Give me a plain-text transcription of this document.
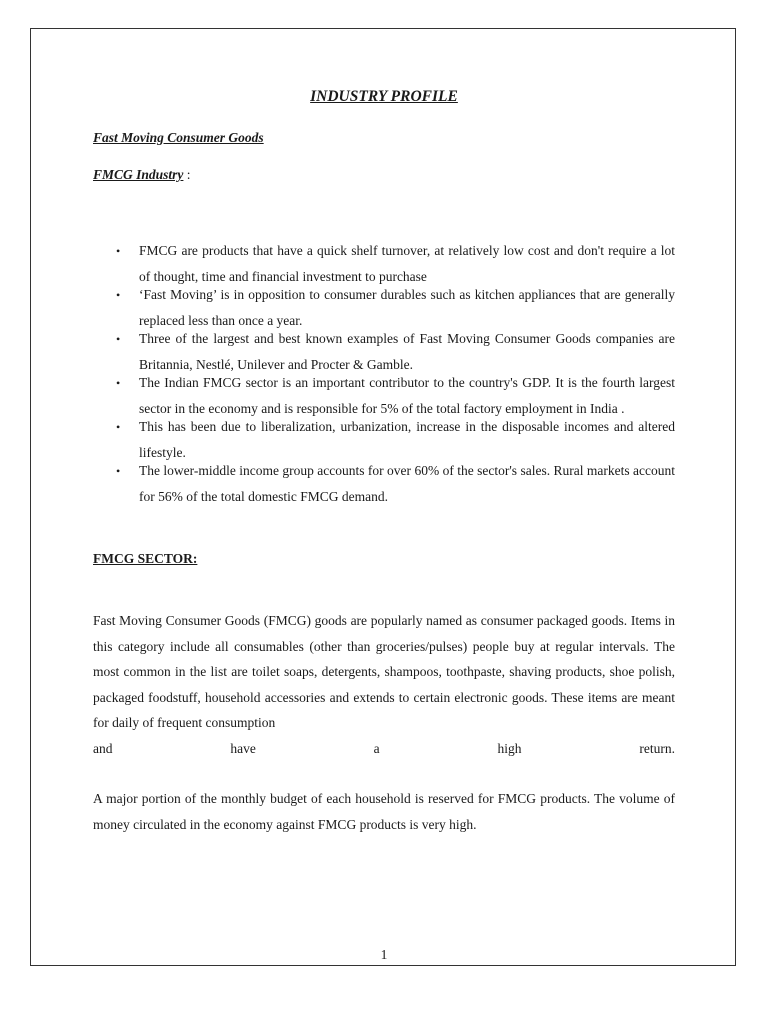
INDUSTRY PROFILE
Fast Moving Consumer Goods
FMCG Industry :
• FMCG are products that have a quick shelf turnover, at relatively low cost and don't require a lot of thought, time and financial investment to purchase
• ‘Fast Moving’ is in opposition to consumer durables such as kitchen appliances that are generally replaced less than once a year.
• Three of the largest and best known examples of Fast Moving Consumer Goods companies are Britannia, Nestlé, Unilever and Procter & Gamble.
• The Indian FMCG sector is an important contributor to the country's GDP. It is the fourth largest sector in the economy and is responsible for 5% of the total factory employment in India .
• This has been due to liberalization, urbanization, increase in the disposable incomes and altered lifestyle.
• The lower-middle income group accounts for over 60% of the sector's sales. Rural markets account for 56% of the total domestic FMCG demand.
FMCG SECTOR:
Fast Moving Consumer Goods (FMCG) goods are popularly named as consumer packaged goods. Items in this category include all consumables (other than groceries/pulses) people buy at regular intervals. The most common in the list are toilet soaps, detergents, shampoos, toothpaste, shaving products, shoe polish, packaged foodstuff, household accessories and extends to certain electronic goods. These items are meant for daily of frequent consumption
and	have	a	high	return.
A major portion of the monthly budget of each household is reserved for FMCG products. The volume of money circulated in the economy against FMCG products is very high.
1
